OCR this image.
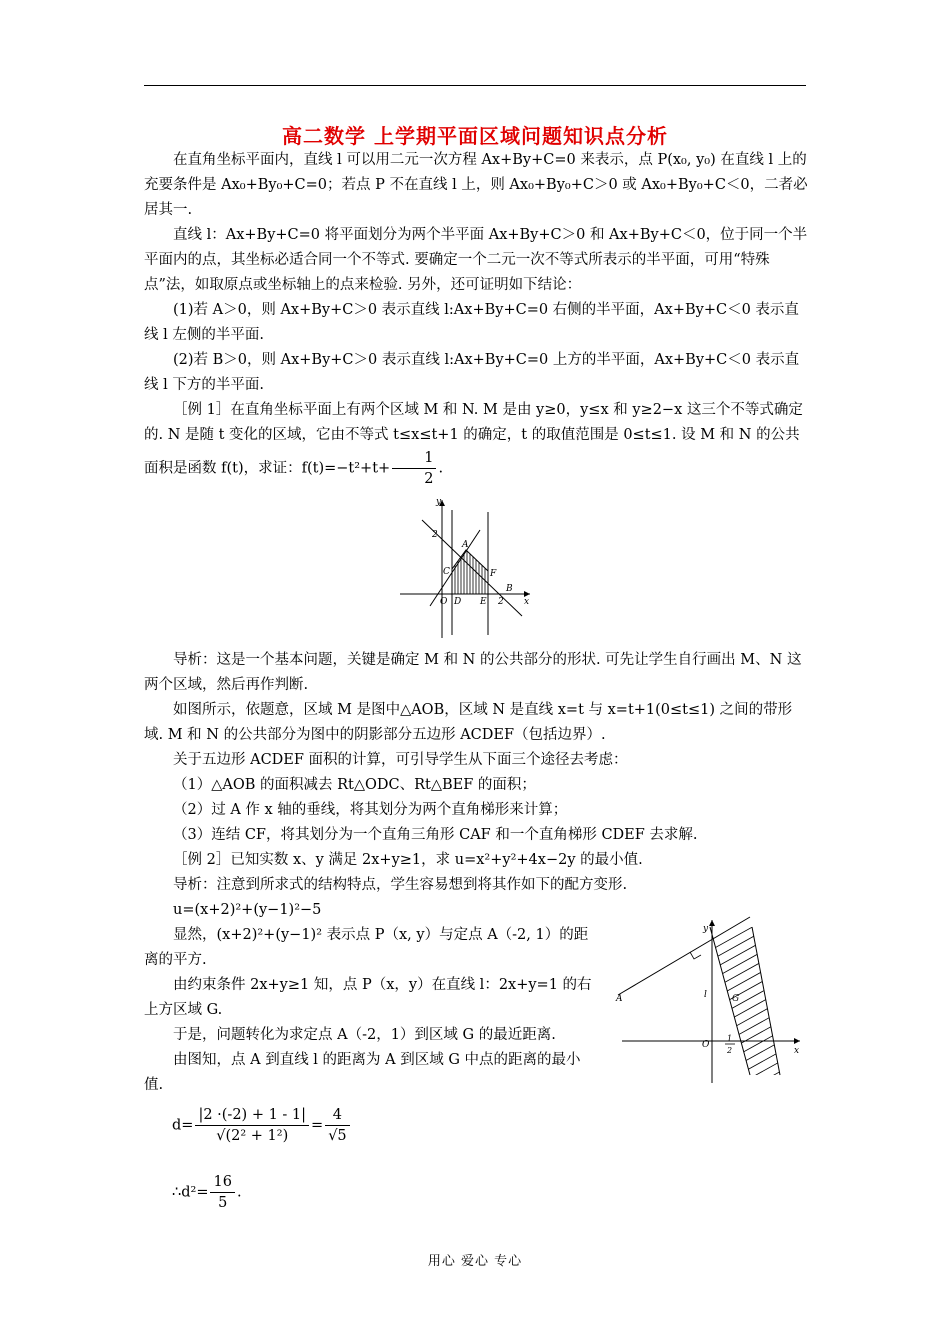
高二数学 上学期平面区域问题知识点分析

在直角坐标平面内，直线 l 可以用二元一次方程 Ax+By+C=0 来表示，点 P(x₀, y₀) 在直线 l 上的充要条件是 Ax₀+By₀+C=0；若点 P 不在直线 l 上，则 Ax₀+By₀+C＞0 或 Ax₀+By₀+C＜0，二者必居其一.

直线 l：Ax+By+C=0 将平面划分为两个半平面 Ax+By+C＞0 和 Ax+By+C＜0，位于同一个半平面内的点，其坐标必适合同一个不等式. 要确定一个二元一次不等式所表示的半平面，可用“特殊点”法，如取原点或坐标轴上的点来检验. 另外，还可证明如下结论：

(1)若 A＞0，则 Ax+By+C＞0 表示直线 l:Ax+By+C=0 右侧的半平面，Ax+By+C＜0 表示直线 l 左侧的半平面.

(2)若 B＞0，则 Ax+By+C＞0 表示直线 l:Ax+By+C=0 上方的半平面，Ax+By+C＜0 表示直线 l 下方的半平面.

［例 1］在直角坐标平面上有两个区域 M 和 N. M 是由 y≥0，y≤x 和 y≥2−x 这三个不等式确定的. N 是随 t 变化的区域，它由不等式 t≤x≤t+1 的确定，t 的取值范围是 0≤t≤1. 设 M 和 N 的公共面积是函数 f(t)，求证：$f(t)=-t^2+t+ \frac{1}{2}$ .

y
x
2
2
A
B
C
D E
F
O

导析：这是一个基本问题，关键是确定 M 和 N 的公共部分的形状. 可先让学生自行画出 M、N 这两个区域，然后再作判断.

如图所示，依题意，区域 M 是图中△AOB，区域 N 是直线 x=t 与 x=t+1(0≤t≤1) 之间的带形域. M 和 N 的公共部分为图中的阴影部分五边形 ACDEF（包括边界）.

关于五边形 ACDEF 面积的计算，可引导学生从下面三个途径去考虑：

（1）△AOB 的面积减去 Rt△ODC、Rt△BEF 的面积；

（2）过 A 作 x 轴的垂线，将其划分为两个直角梯形来计算；

（3）连结 CF，将其划分为一个直角三角形 CAF 和一个直角梯形 CDEF 去求解.

［例 2］已知实数 x、y 满足 2x+y≥1，求 u=x²+y²+4x−2y 的最小值.

导析：注意到所求式的结构特点，学生容易想到将其作如下的配方变形.

u=(x+2)²+(y−1)²−5

显然，(x+2)²+(y−1)² 表示点 P（x, y）与定点 A（-2, 1）的距离的平方.

由约束条件 2x+y≥1 知，点 P（x，y）在直线 l：2x+y=1 的右上方区域 G.

于是，问题转化为求定点 A（-2，1）到区域 G 的最近距离.

由图知，点 A 到直线 l 的距离为 A 到区域 G 中点的距离的最小值.

y
x
A	l	G
O
1
2
$d= \frac{|2 \cdot(-2) + 1 - 1|}{\text{√(2² + 1²)}} = \frac{4}{√5}$
∴d²= $\frac{16}{5}$ .
用心 爱心 专心
